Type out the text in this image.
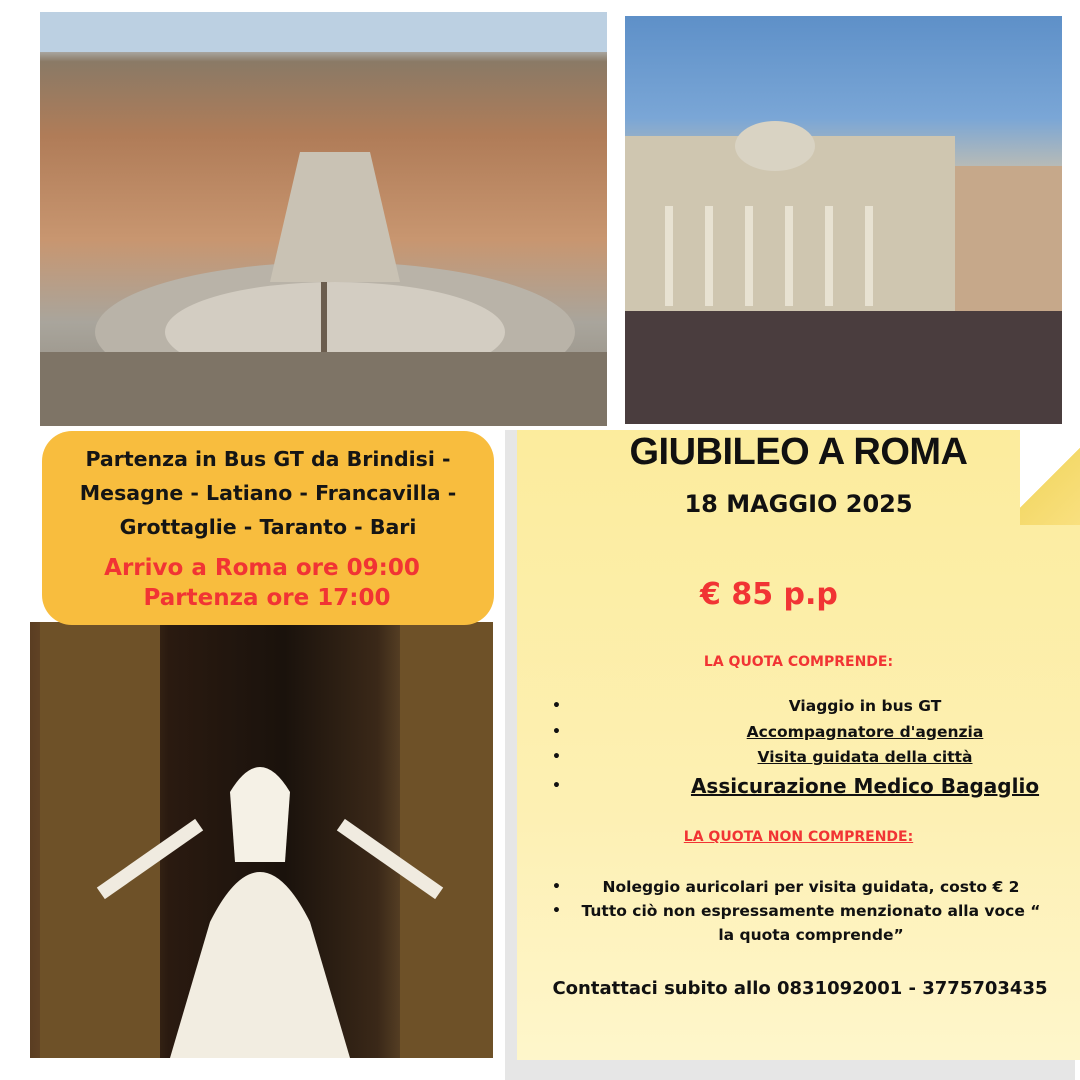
Partenza in Bus GT da Brindisi - Mesagne - Latiano - Francavilla - Grottaglie - Taranto - Bari
Arrivo a Roma ore 09:00
Partenza ore 17:00
GIUBILEO A ROMA
18 MAGGIO 2025
€ 85 p.p
LA QUOTA COMPRENDE:
•	Viaggio in bus GT
•	Accompagnatore d'agenzia
•	Visita guidata della città
•	Assicurazione Medico Bagaglio
LA QUOTA NON COMPRENDE:
•	Noleggio auricolari per visita guidata, costo € 2
• Tutto ciò non espressamente menzionato alla voce “ la quota comprende”
Contattaci subito allo 0831092001 - 3775703435
